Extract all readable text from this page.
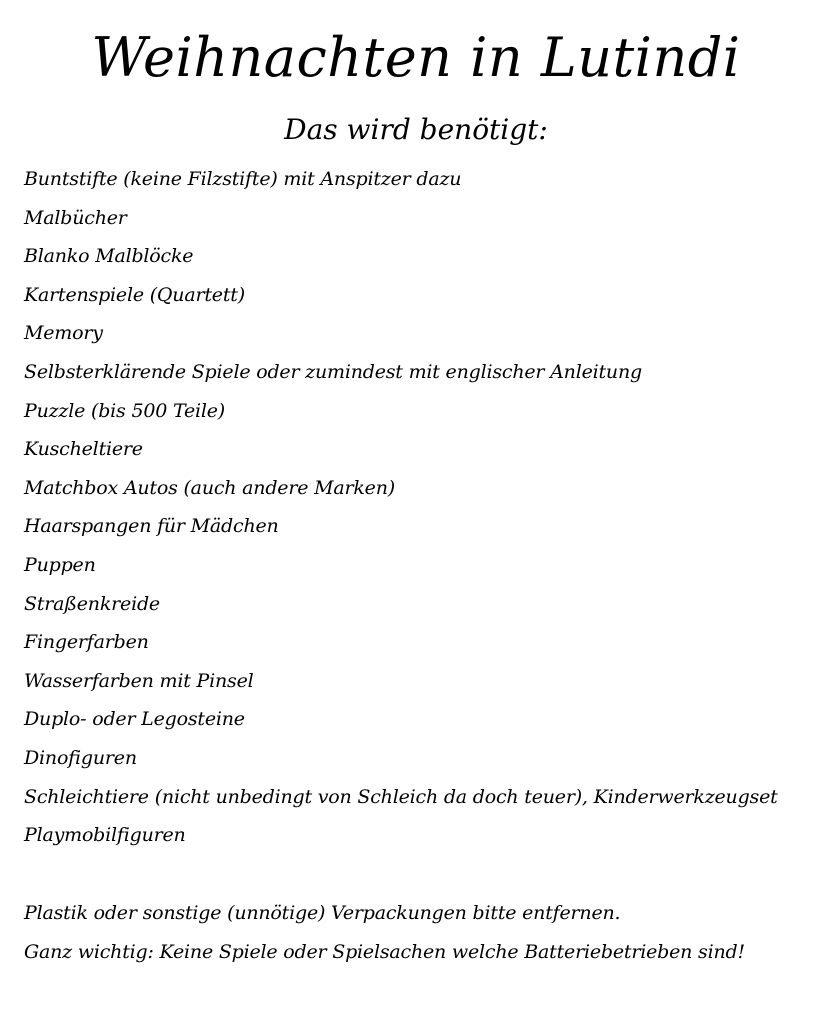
Weihnachten in Lutindi
Das wird benötigt:
Buntstifte (keine Filzstifte) mit Anspitzer dazu
Malbücher
Blanko Malblöcke
Kartenspiele (Quartett)
Memory
Selbsterklärende Spiele oder zumindest mit englischer Anleitung
Puzzle (bis 500 Teile)
Kuscheltiere
Matchbox Autos (auch andere Marken)
Haarspangen für Mädchen
Puppen
Straßenkreide
Fingerfarben
Wasserfarben mit Pinsel
Duplo- oder Legosteine
Dinofiguren
Schleichtiere (nicht unbedingt von Schleich da doch teuer), Kinderwerkzeugset
Playmobilfiguren

Plastik oder sonstige (unnötige) Verpackungen bitte entfernen.

Ganz wichtig: Keine Spiele oder Spielsachen welche Batteriebetrieben sind!
